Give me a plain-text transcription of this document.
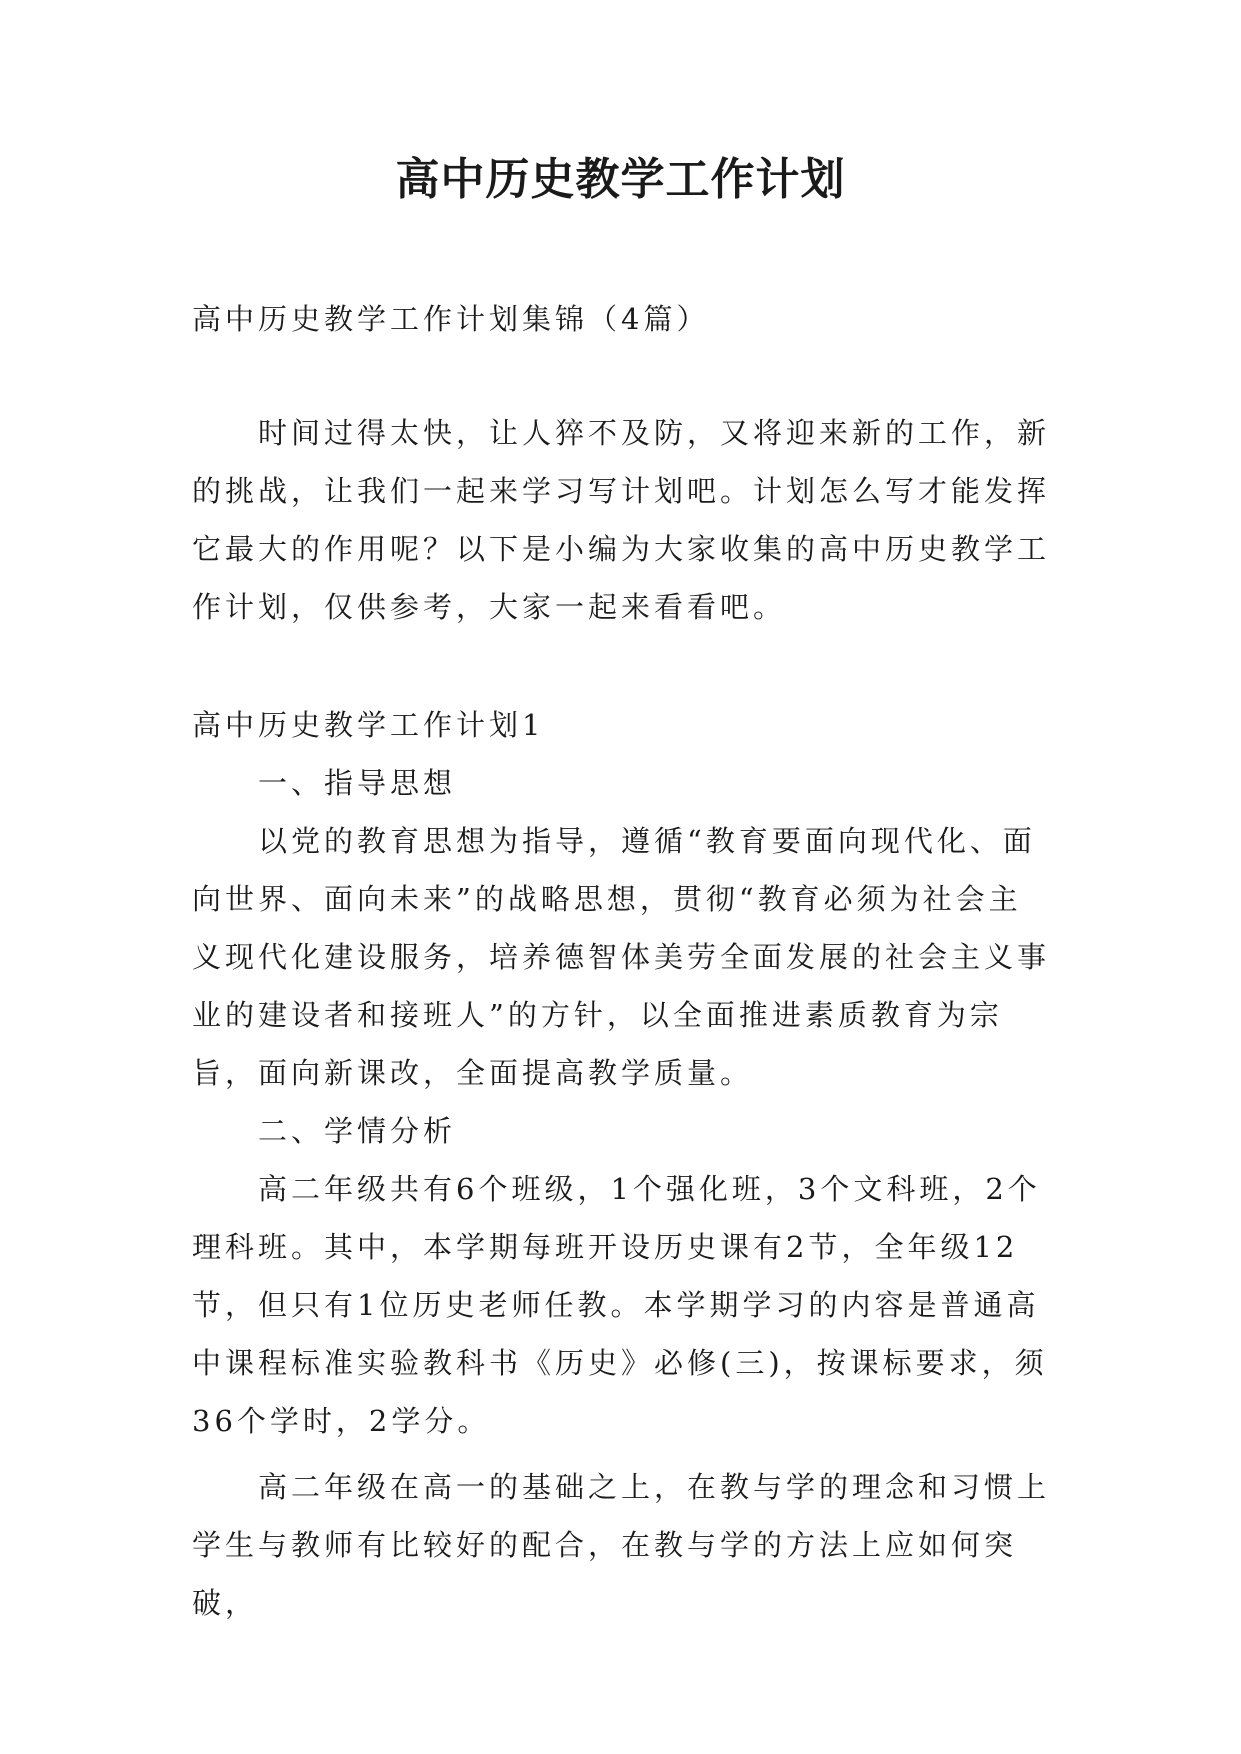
高中历史教学工作计划

高中历史教学工作计划集锦（4篇）

时间过得太快，让人猝不及防，又将迎来新的工作，新的挑战，让我们一起来学习写计划吧。计划怎么写才能发挥它最大的作用呢？以下是小编为大家收集的高中历史教学工作计划，仅供参考，大家一起来看看吧。

高中历史教学工作计划1

一、指导思想

以党的教育思想为指导，遵循“教育要面向现代化、面向世界、面向未来”的战略思想，贯彻“教育必须为社会主义现代化建设服务，培养德智体美劳全面发展的社会主义事业的建设者和接班人”的方针，以全面推进素质教育为宗旨，面向新课改，全面提高教学质量。

二、学情分析

高二年级共有6个班级，1个强化班，3个文科班，2个理科班。其中，本学期每班开设历史课有2节，全年级12节，但只有1位历史老师任教。本学期学习的内容是普通高中课程标准实验教科书《历史》必修(三)，按课标要求，须36个学时，2学分。

高二年级在高一的基础之上，在教与学的理念和习惯上学生与教师有比较好的配合，在教与学的方法上应如何突破，
